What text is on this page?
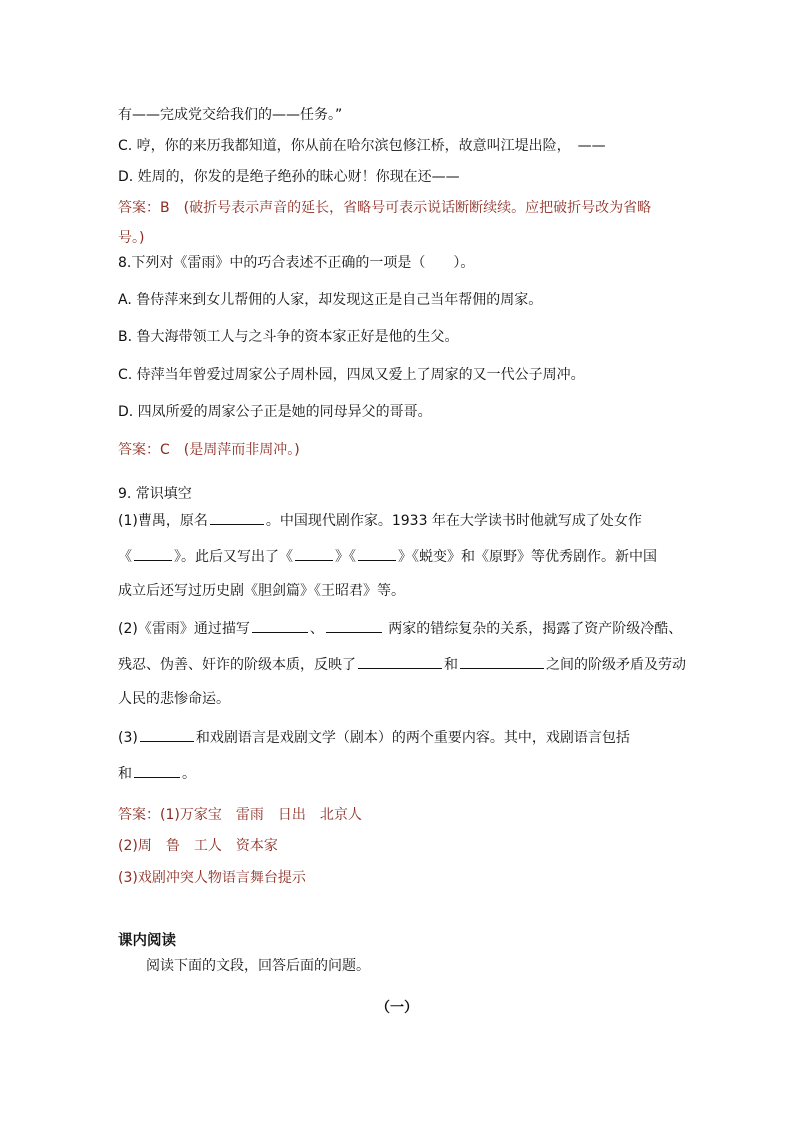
有——完成党交给我们的——任务。”
C. 哼，你的来历我都知道，你从前在哈尔滨包修江桥，故意叫江堤出险，　——
D. 姓周的，你发的是绝子绝孙的昧心财！你现在还——
答案：B　(破折号表示声音的延长，省略号可表示说话断断续续。应把破折号改为省略
号。)
8.下列对《雷雨》中的巧合表述不正确的一项是（　　）。
A. 鲁侍萍来到女儿帮佣的人家，却发现这正是自己当年帮佣的周家。
B. 鲁大海带领工人与之斗争的资本家正好是他的生父。
C. 侍萍当年曾爱过周家公子周朴园，四凤又爱上了周家的又一代公子周冲。
D. 四凤所爱的周家公子正是她的同母异父的哥哥。
答案：C　(是周萍而非周冲。)
9. 常识填空
(1)曹禺，原名	。中国现代剧作家。1933 年在大学读书时他就写成了处女作
《	》。此后又写出了《	》《	》《蜕变》和《原野》等优秀剧作。新中国
成立后还写过历史剧《胆剑篇》《王昭君》等。
(2)《雷雨》通过描写	、	两家的错综复杂的关系，揭露了资产阶级冷酷、
残忍、伪善、奸诈的阶级本质，反映了	和	之间的阶级矛盾及劳动
人民的悲惨命运。
(3)	和戏剧语言是戏剧文学（剧本）的两个重要内容。其中，戏剧语言包括
和	。
答案：(1)万家宝　雷雨　日出　北京人
(2)周　鲁　工人　资本家
(3)戏剧冲突人物语言舞台提示
课内阅读
阅读下面的文段，回答后面的问题。
（一）
